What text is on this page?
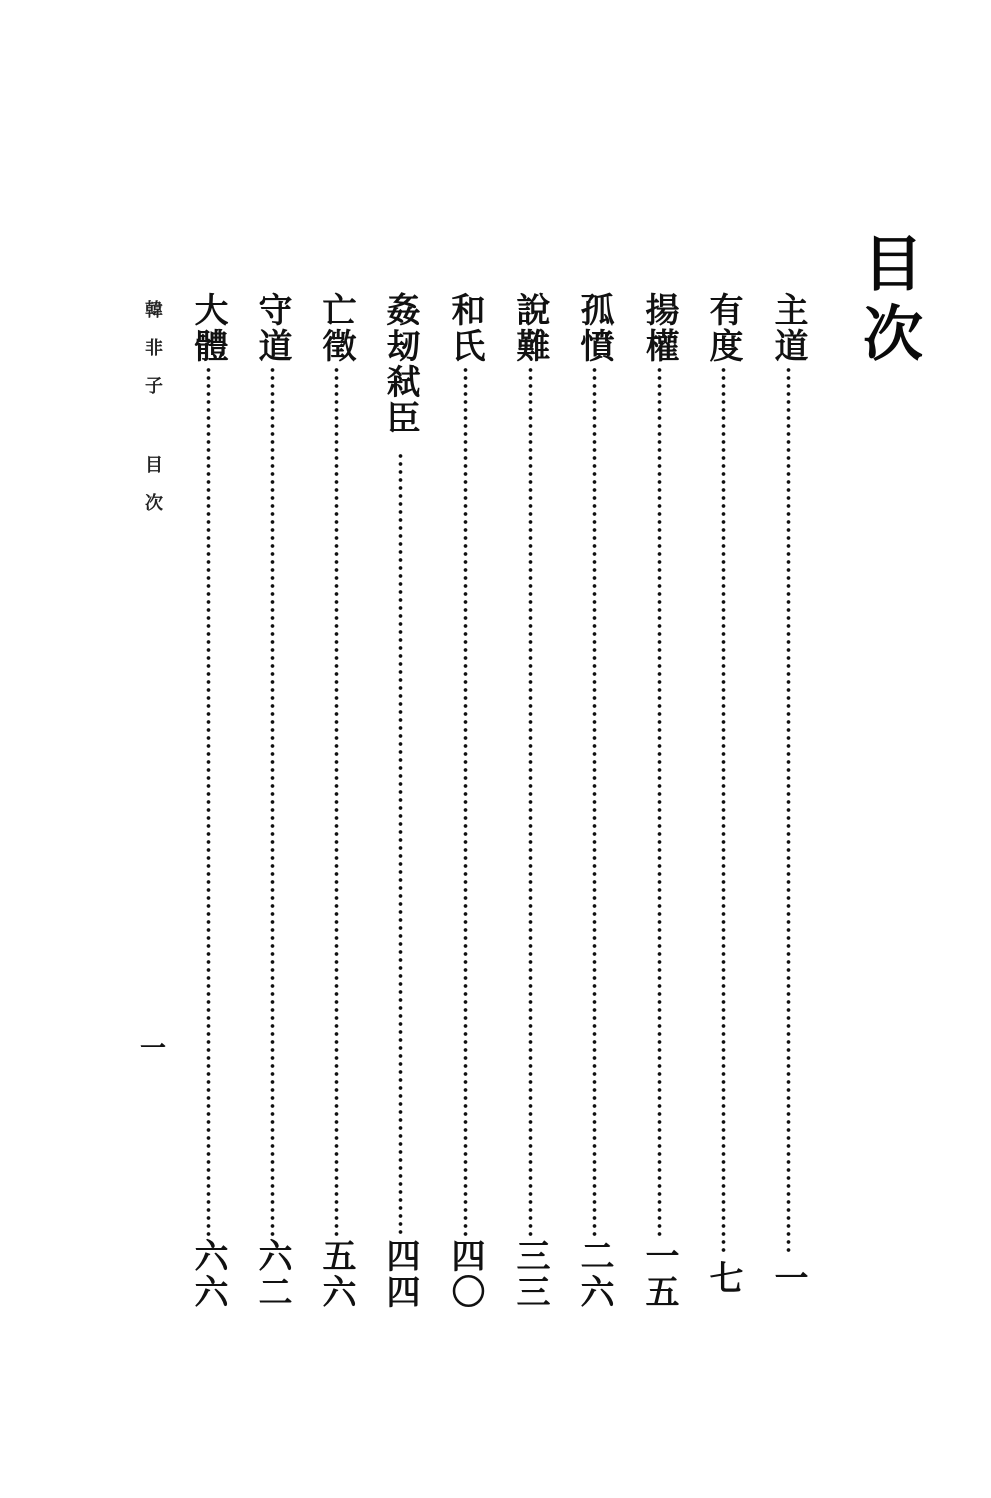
目次
主道
一
有度
七
揚權
一五
孤憤
二六
說難
三三
和氏
四〇
姦刼弒臣
四四
亡徵
五六
守道
六二
大體
六六
韓非子 目次
一
